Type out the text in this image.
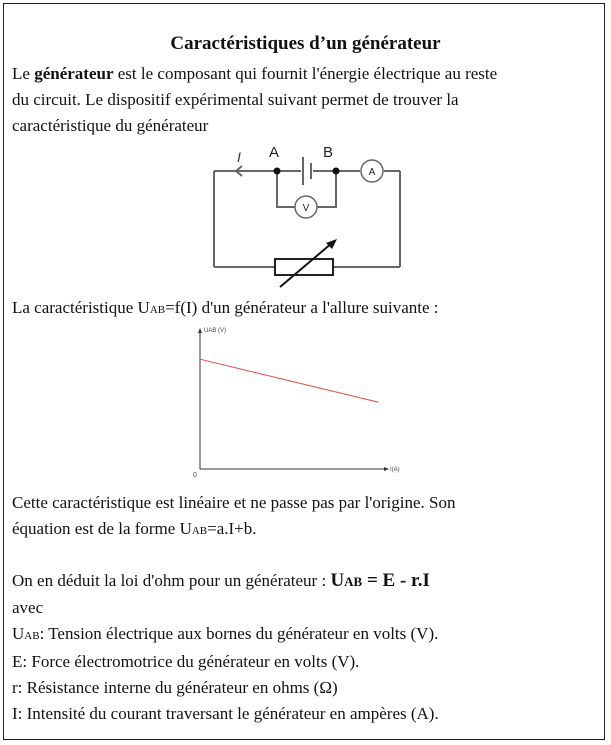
Caractéristiques d’un générateur
Le générateur est le composant qui fournit l'énergie électrique au reste
du circuit. Le dispositif expérimental suivant permet de trouver la
caractéristique du générateur
I A	B
A
V
La caractéristique UAB=f(I) d'un générateur a l'allure suivante :
UAB (V)
I(A)
0
Cette caractéristique est linéaire et ne passe pas par l'origine. Son
équation est de la forme UAB=a.I+b.
On en déduit la loi d'ohm pour un générateur : UAB = E - r.I
avec
UAB: Tension électrique aux bornes du générateur en volts (V).
E: Force électromotrice du générateur en volts (V).
r: Résistance interne du générateur en ohms (Ω)
I: Intensité du courant traversant le générateur en ampères (A).
